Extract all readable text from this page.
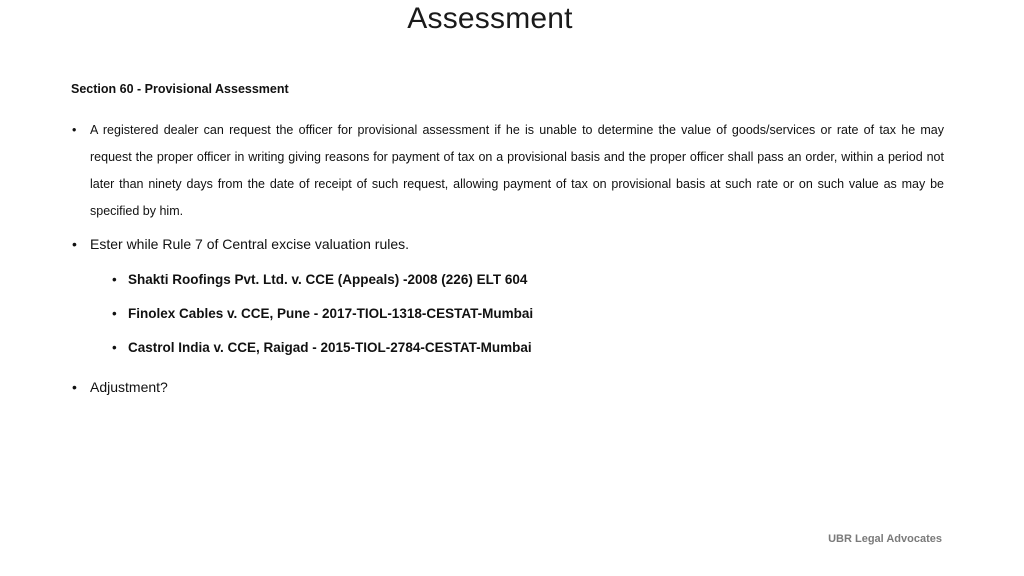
Assessment
Section 60 - Provisional Assessment
• A registered dealer can request the officer for provisional assessment if he is unable to determine the value of goods/services or rate of tax he may request the proper officer in writing giving reasons for payment of tax on a provisional basis and the proper officer shall pass an order, within a period not later than ninety days from the date of receipt of such request, allowing payment of tax on provisional basis at such rate or on such value as may be specified by him.
• Ester while Rule 7 of Central excise valuation rules.
• Shakti Roofings Pvt. Ltd. v. CCE (Appeals) -2008 (226) ELT 604
• Finolex Cables v. CCE, Pune - 2017-TIOL-1318-CESTAT-Mumbai
• Castrol India v. CCE, Raigad - 2015-TIOL-2784-CESTAT-Mumbai
• Adjustment?
UBR Legal Advocates
